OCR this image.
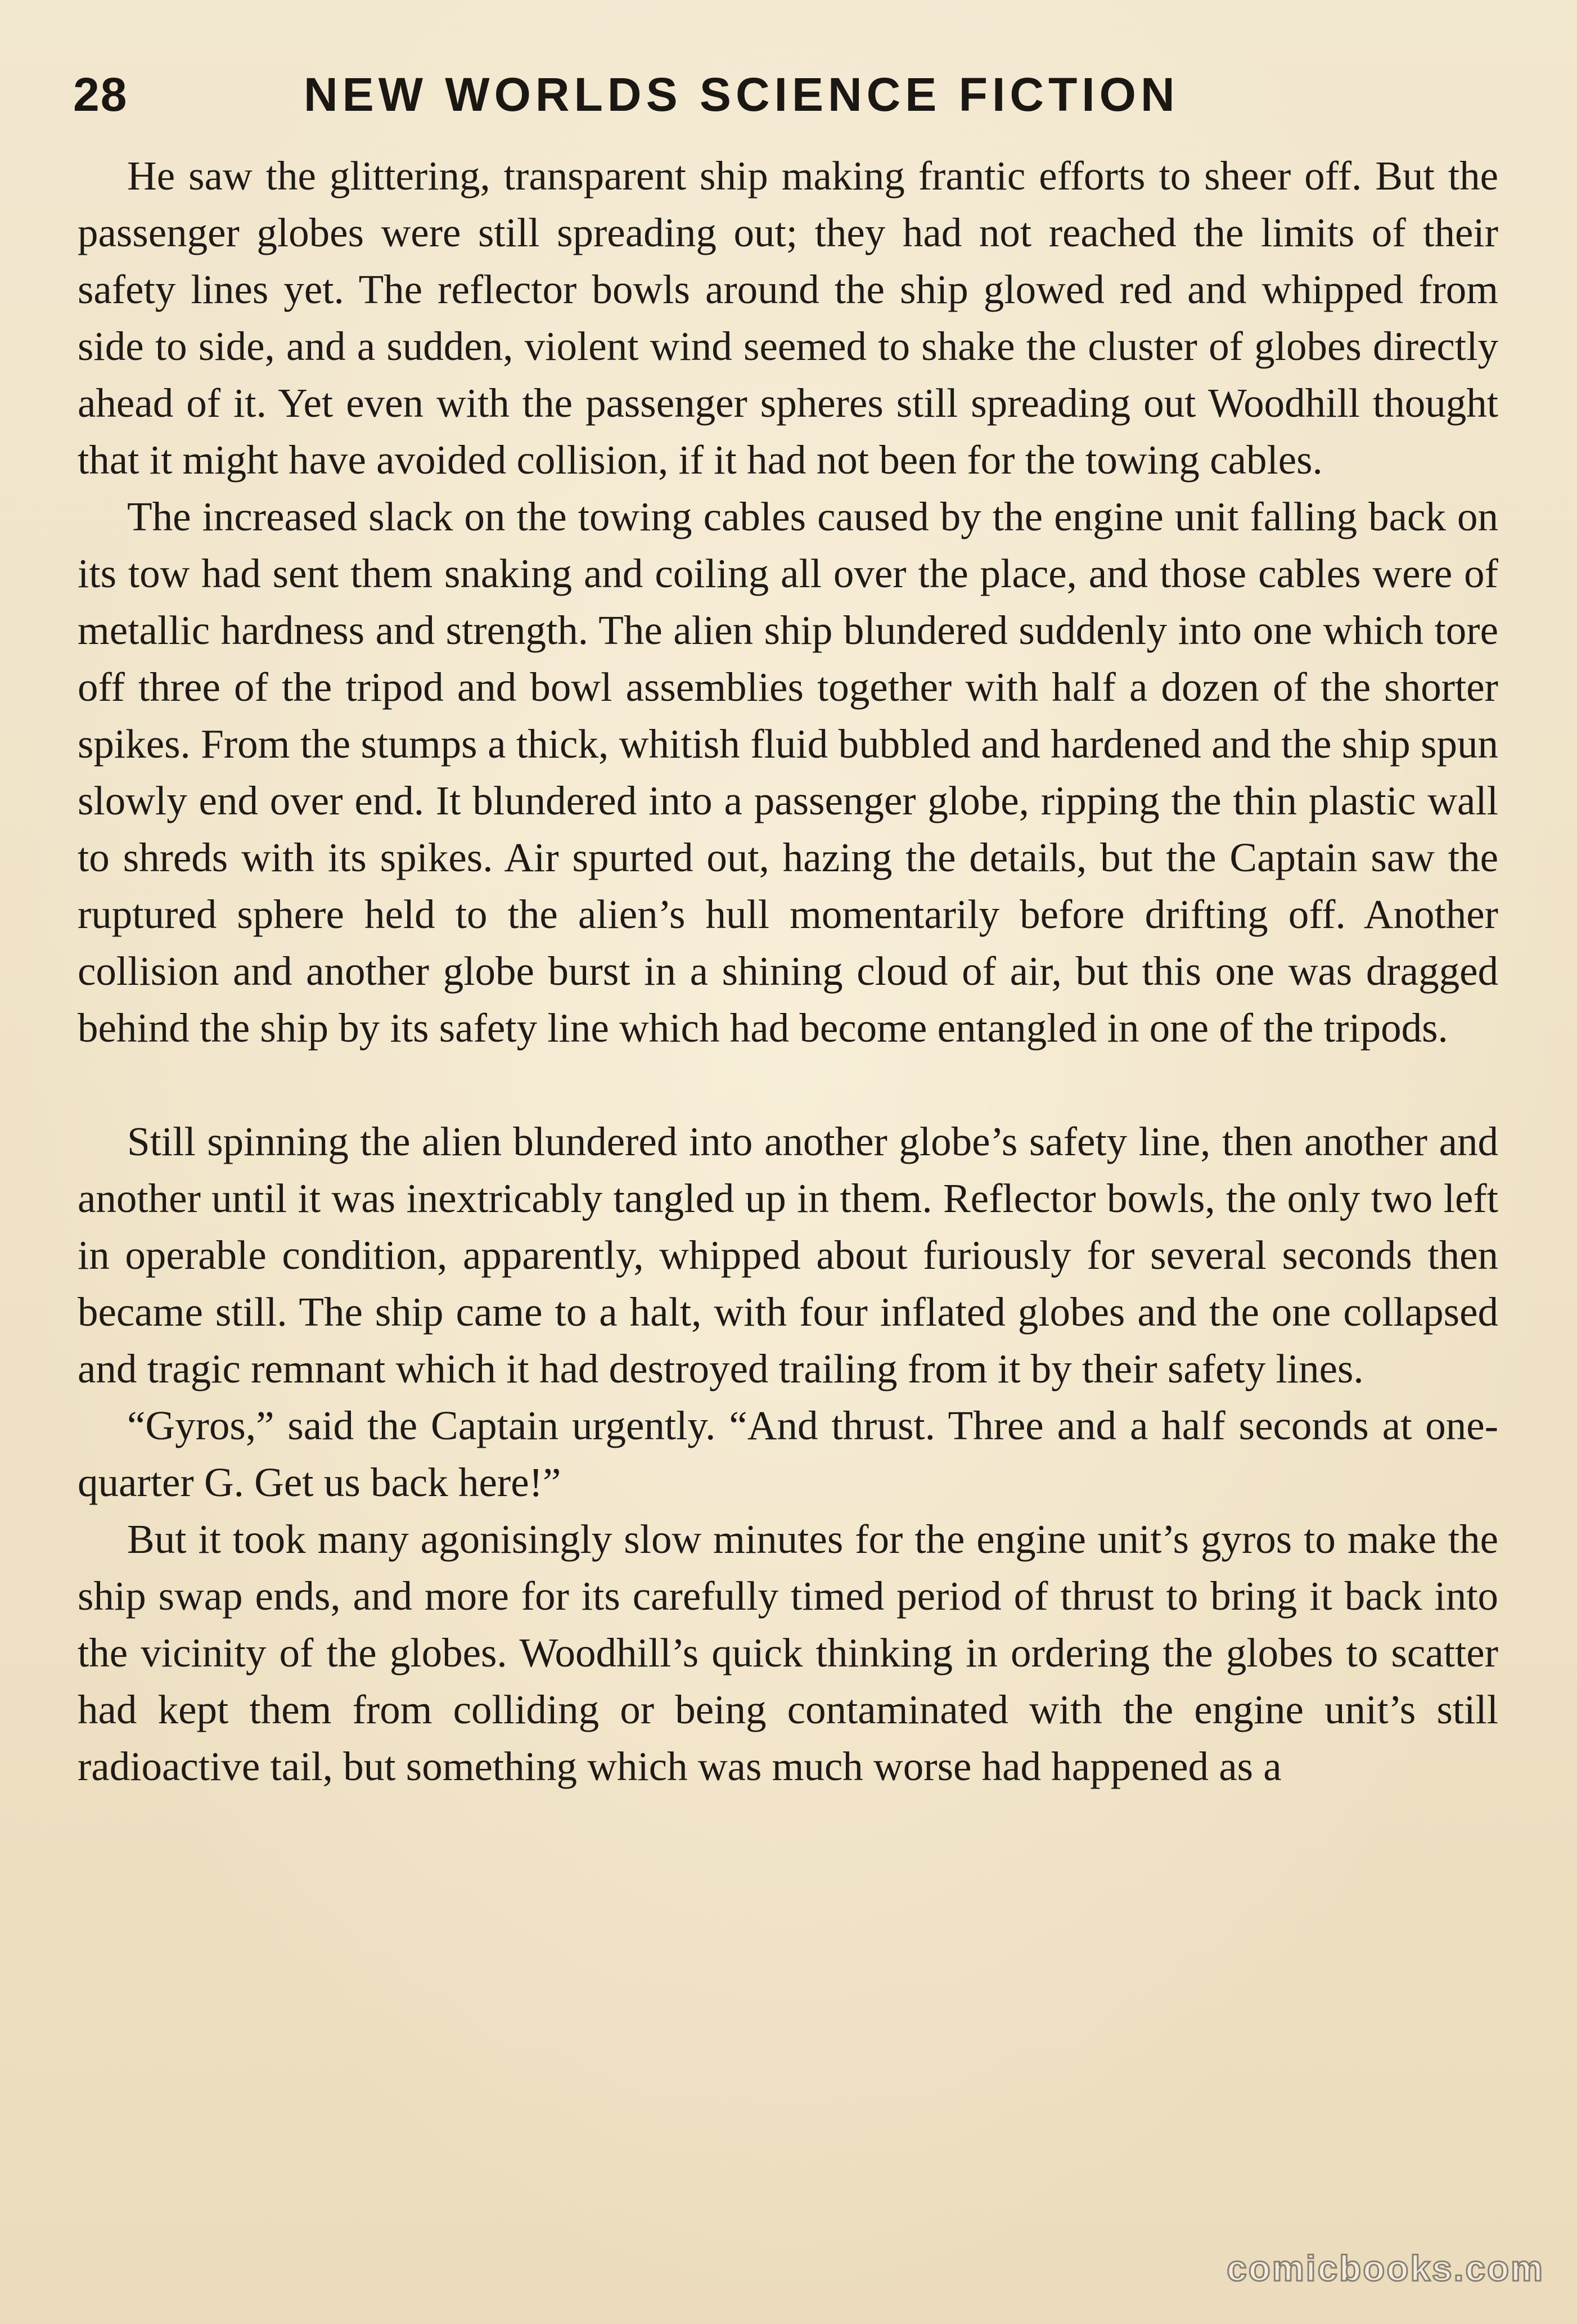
28	NEW WORLDS SCIENCE FICTION

He saw the glittering, transparent ship making frantic efforts to sheer off. But the passenger globes were still spreading out; they had not reached the limits of their safety lines yet. The reflector bowls around the ship glowed red and whipped from side to side, and a sudden, violent wind seemed to shake the cluster of globes directly ahead of it. Yet even with the passenger spheres still spreading out Woodhill thought that it might have avoided collision, if it had not been for the towing cables.

The increased slack on the towing cables caused by the engine unit falling back on its tow had sent them snaking and coiling all over the place, and those cables were of metallic hardness and strength. The alien ship blundered suddenly into one which tore off three of the tripod and bowl assemblies together with half a dozen of the shorter spikes. From the stumps a thick, whitish fluid bubbled and hardened and the ship spun slowly end over end. It blundered into a passenger globe, ripping the thin plastic wall to shreds with its spikes. Air spurted out, hazing the details, but the Captain saw the ruptured sphere held to the alien’s hull momentarily before drifting off. Another collision and another globe burst in a shining cloud of air, but this one was dragged behind the ship by its safety line which had become entangled in one of the tripods.

Still spinning the alien blundered into another globe’s safety line, then another and another until it was inextricably tangled up in them. Reflector bowls, the only two left in operable condition, apparently, whipped about furiously for several seconds then became still. The ship came to a halt, with four inflated globes and the one collapsed and tragic remnant which it had destroyed trailing from it by their safety lines.

“Gyros,” said the Captain urgently. “And thrust. Three and a half seconds at one-quarter G. Get us back here!”

But it took many agonisingly slow minutes for the engine unit’s gyros to make the ship swap ends, and more for its carefully timed period of thrust to bring it back into the vicinity of the globes. Woodhill’s quick thinking in ordering the globes to scatter had kept them from colliding or being contaminated with the engine unit’s still radioactive tail, but something which was much worse had happened as a

comicbooks.com
